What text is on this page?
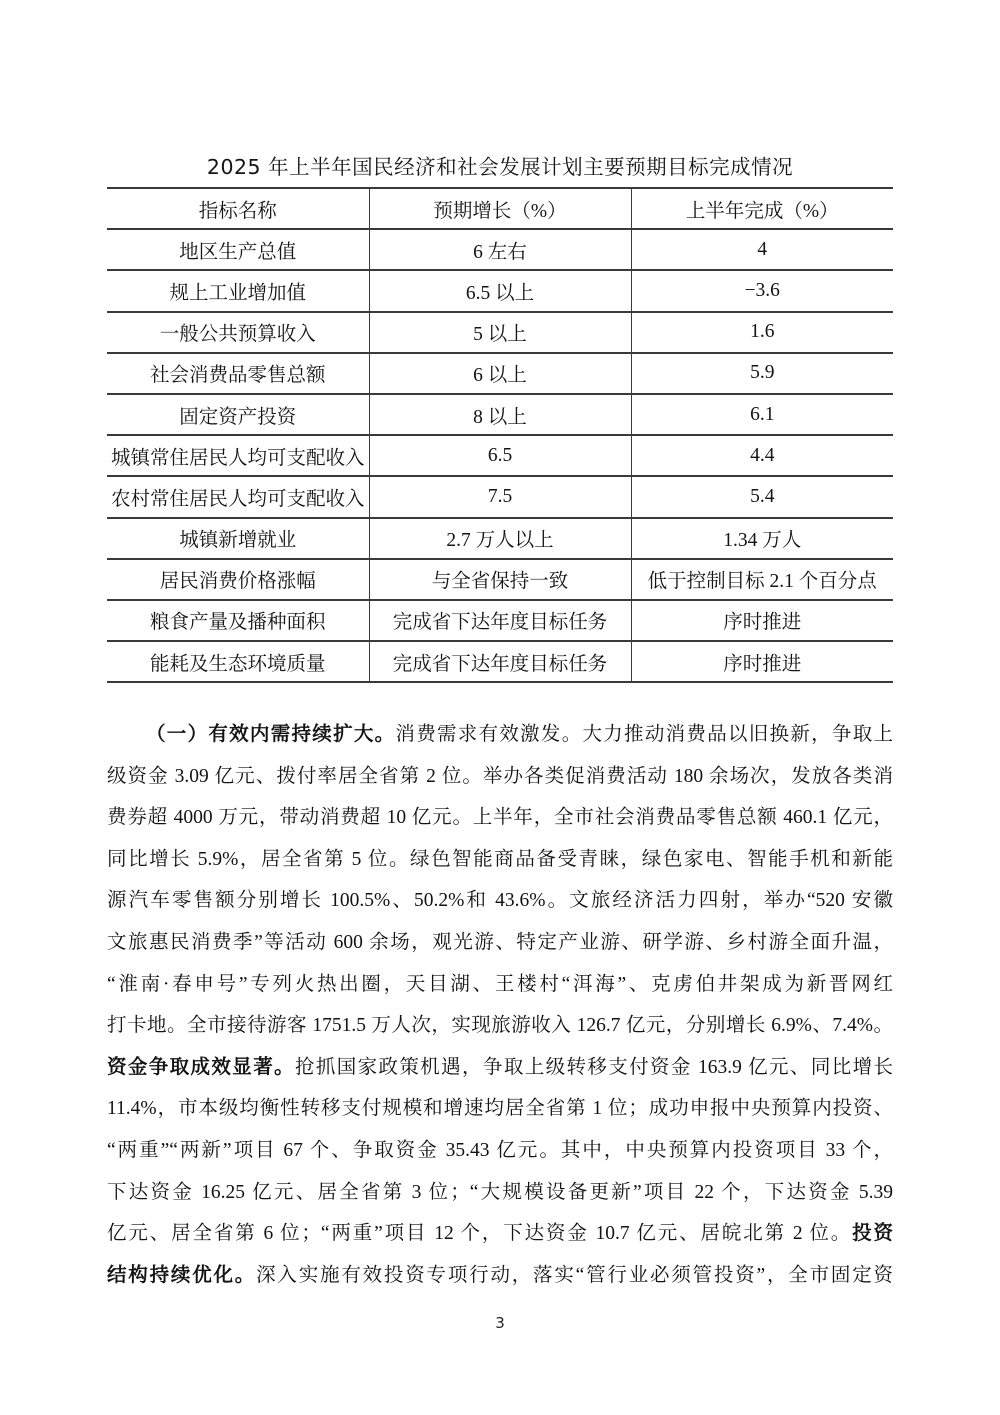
2025 年上半年国民经济和社会发展计划主要预期目标完成情况
指标名称	预期增长（%）	上半年完成（%）
地区生产总值	6 左右	4
规上工业增加值	6.5 以上	−3.6
一般公共预算收入	5 以上	1.6
社会消费品零售总额	6 以上	5.9
固定资产投资	8 以上	6.1
城镇常住居民人均可支配收入	6.5	4.4
农村常住居民人均可支配收入	7.5	5.4
城镇新增就业	2.7 万人以上	1.34 万人
居民消费价格涨幅	与全省保持一致	低于控制目标 2.1 个百分点
粮食产量及播种面积	完成省下达年度目标任务	序时推进
能耗及生态环境质量	完成省下达年度目标任务	序时推进
（一）有效内需持续扩大。消费需求有效激发。大力推动消费品以旧换新，争取上
级资金 3.09 亿元、拨付率居全省第 2 位。举办各类促消费活动 180 余场次，发放各类消
费券超 4000 万元，带动消费超 10 亿元。上半年，全市社会消费品零售总额 460.1 亿元，
同比增长 5.9%，居全省第 5 位。绿色智能商品备受青睐，绿色家电、智能手机和新能
源汽车零售额分别增长 100.5%、50.2%和 43.6%。文旅经济活力四射，举办“520 安徽
文旅惠民消费季”等活动 600 余场，观光游、特定产业游、研学游、乡村游全面升温，
“淮南·春申号”专列火热出圈，天目湖、王楼村“洱海”、克虏伯井架成为新晋网红
打卡地。全市接待游客 1751.5 万人次，实现旅游收入 126.7 亿元，分别增长 6.9%、7.4%。
资金争取成效显著。抢抓国家政策机遇，争取上级转移支付资金 163.9 亿元、同比增长
11.4%，市本级均衡性转移支付规模和增速均居全省第 1 位；成功申报中央预算内投资、
“两重”“两新”项目 67 个、争取资金 35.43 亿元。其中，中央预算内投资项目 33 个，
下达资金 16.25 亿元、居全省第 3 位；“大规模设备更新”项目 22 个，下达资金 5.39
亿元、居全省第 6 位；“两重”项目 12 个，下达资金 10.7 亿元、居皖北第 2 位。投资
结构持续优化。深入实施有效投资专项行动，落实“管行业必须管投资”，全市固定资
3
